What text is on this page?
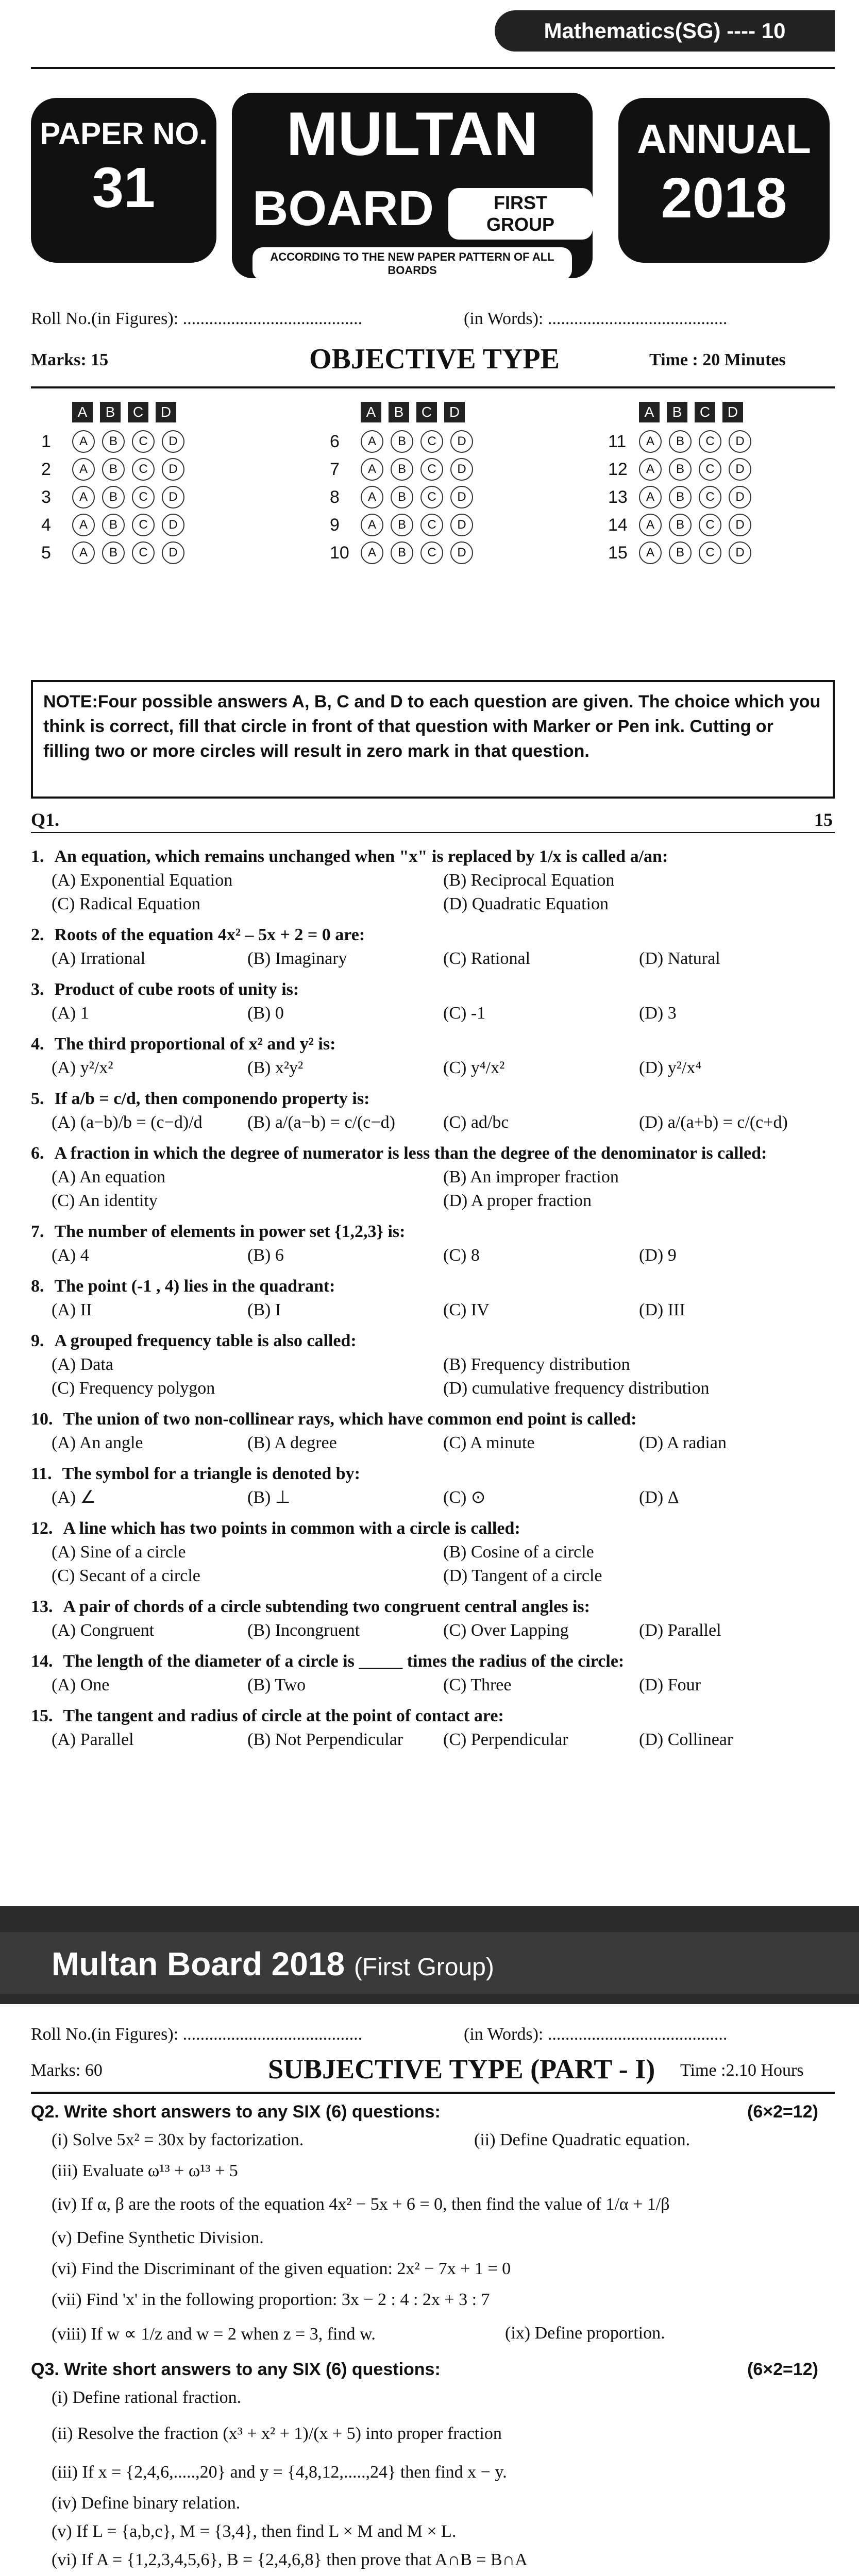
Mathematics(SG) ---- 10
PAPER NO.
31
MULTAN
BOARD	FIRST GROUP
ACCORDING TO THE NEW PAPER PATTERN OF ALL BOARDS
ANNUAL
2018
Roll No.(in Figures): .........................................	(in Words): .........................................
Marks: 15	OBJECTIVE TYPE	Time : 20 Minutes
A B C D
1	A	B	C	D
2	A	B	C	D
3	A	B	C	D
4	A	B	C	D
5	A	B	C	D
A B C D
6	A	B	C	D
7	A	B	C	D
8	A	B	C	D
9	A	B	C	D
10	A	B	C	D
A B C D
11	A	B	C	D
12	A	B	C	D
13	A	B	C	D
14	A	B	C	D
15	A	B	C	D
NOTE:Four possible answers A, B, C and D to each question are given. The choice which you think is correct, fill that circle in front of that question with Marker or Pen ink. Cutting or filling two or more circles will result in zero mark in that question.
Q1.	15
1. An equation, which remains unchanged when "x" is replaced by 1/x is called a/an:
(A) Exponential Equation	(B) Reciprocal Equation
(C) Radical Equation	(D) Quadratic Equation
2. Roots of the equation 4x² – 5x + 2 = 0 are:
(A) Irrational	(B) Imaginary	(C) Rational	(D) Natural
3. Product of cube roots of unity is:
(A) 1	(B) 0	(C) -1	(D) 3
4. The third proportional of x² and y² is:
(A) y²/x²	(B) x²y²	(C) y⁴/x²	(D) y²/x⁴
5. If a/b = c/d, then componendo property is:
(A) (a−b)/b = (c−d)/d	(B) a/(a−b) = c/(c−d)	(C) ad/bc	(D) a/(a+b) = c/(c+d)
6. A fraction in which the degree of numerator is less than the degree of the denominator is called:
(A) An equation	(B) An improper fraction
(C) An identity	(D) A proper fraction
7. The number of elements in power set {1,2,3} is:
(A) 4	(B) 6	(C) 8	(D) 9
8. The point (-1 , 4) lies in the quadrant:
(A) II	(B) I	(C) IV	(D) III
9. A grouped frequency table is also called:
(A) Data	(B) Frequency distribution
(C) Frequency polygon	(D) cumulative frequency distribution
10. The union of two non-collinear rays, which have common end point is called:
(A) An angle	(B) A degree	(C) A minute	(D) A radian
11. The symbol for a triangle is denoted by:
(A) ∠	(B) ⊥	(C) ⊙	(D) Δ
12. A line which has two points in common with a circle is called:
(A) Sine of a circle	(B) Cosine of a circle
(C) Secant of a circle	(D) Tangent of a circle
13. A pair of chords of a circle subtending two congruent central angles is:
(A) Congruent	(B) Incongruent	(C) Over Lapping	(D) Parallel
14. The length of the diameter of a circle is _____ times the radius of the circle:
(A) One	(B) Two	(C) Three	(D) Four
15. The tangent and radius of circle at the point of contact are:
(A) Parallel	(B) Not Perpendicular	(C) Perpendicular	(D) Collinear
Multan Board 2018 (First Group)
Roll No.(in Figures): .........................................	(in Words): .........................................
Marks: 60	SUBJECTIVE TYPE (PART - I) Time :2.10 Hours
Q2. Write short answers to any SIX (6) questions:	(6×2=12)
(i) Solve 5x² = 30x by factorization.	(ii) Define Quadratic equation.
(iii) Evaluate ω¹³ + ω¹³ + 5
(iv) If α, β are the roots of the equation 4x² − 5x + 6 = 0, then find the value of 1/α + 1/β
(v) Define Synthetic Division.
(vi) Find the Discriminant of the given equation: 2x² − 7x + 1 = 0
(vii) Find 'x' in the following proportion: 3x − 2 : 4 : 2x + 3 : 7
(viii) If w ∝ 1/z and w = 2 when z = 3, find w.	(ix) Define proportion.
Q3. Write short answers to any SIX (6) questions:	(6×2=12)
(i) Define rational fraction.
(ii) Resolve the fraction (x³ + x² + 1)/(x + 5) into proper fraction
(iii) If x = {2,4,6,.....,20} and y = {4,8,12,.....,24} then find x − y.
(iv) Define binary relation.
(v) If L = {a,b,c}, M = {3,4}, then find L × M and M × L.
(vi) If A = {1,2,3,4,5,6}, B = {2,4,6,8} then prove that A∩B = B∩A
